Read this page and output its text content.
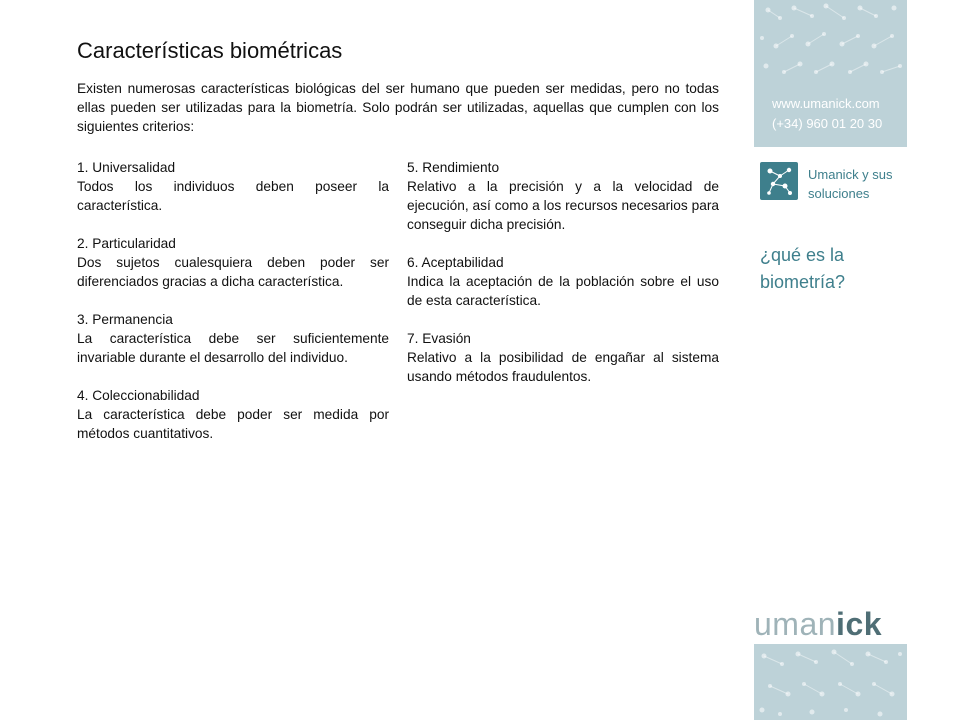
Características biométricas

Existen numerosas características biológicas del ser humano que pueden ser medidas, pero no todas ellas pueden ser utilizadas para la biometría. Solo podrán ser utilizadas, aquellas que cumplen con los siguientes criterios:

1. Universalidad
Todos los individuos deben poseer la característica.
2. Particularidad
Dos sujetos cualesquiera deben poder ser diferenciados gracias a dicha característica.
3. Permanencia
La característica debe ser suficientemente invariable durante el desarrollo del individuo.
4. Coleccionabilidad
La característica debe poder ser medida por métodos cuantitativos.
5. Rendimiento
Relativo a la precisión y a la velocidad de ejecución, así como a los recursos necesarios para conseguir dicha precisión.
6. Aceptabilidad
Indica la aceptación de la población sobre el uso de esta característica.
7. Evasión
Relativo a la posibilidad de engañar al sistema usando métodos fraudulentos.
www.umanick.com
(+34) 960 01 20 30
Umanick y sus soluciones
¿qué es la
biometría?
umanick
